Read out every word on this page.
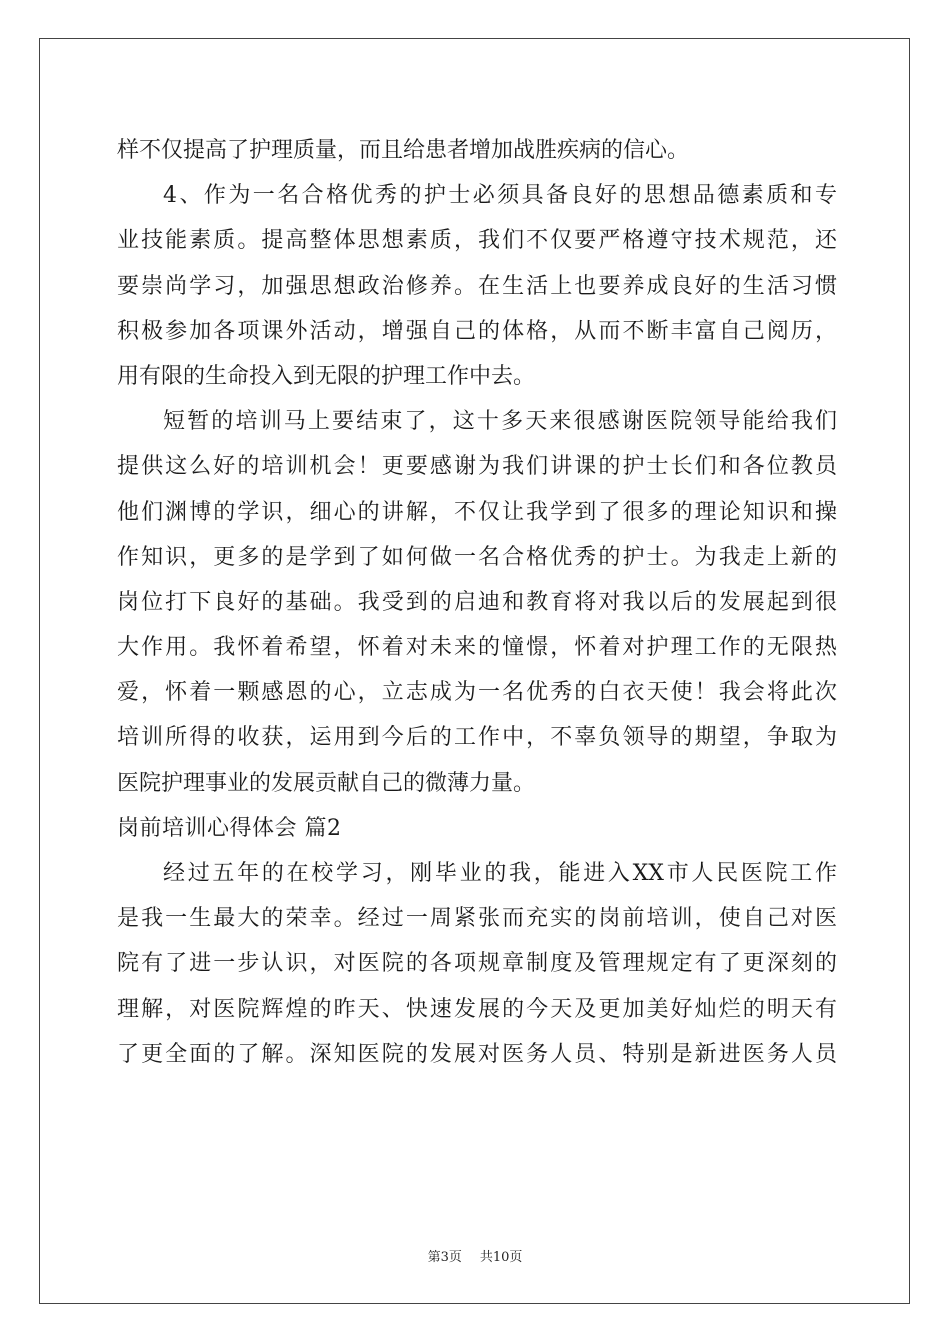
样不仅提高了护理质量，而且给患者增加战胜疾病的信心。
4、作为一名合格优秀的护士必须具备良好的思想品德素质和专
业技能素质。提高整体思想素质，我们不仅要严格遵守技术规范，还
要崇尚学习，加强思想政治修养。在生活上也要养成良好的生活习惯
积极参加各项课外活动，增强自己的体格，从而不断丰富自己阅历，
用有限的生命投入到无限的护理工作中去。
短暂的培训马上要结束了，这十多天来很感谢医院领导能给我们
提供这么好的培训机会！更要感谢为我们讲课的护士长们和各位教员
他们渊博的学识，细心的讲解，不仅让我学到了很多的理论知识和操
作知识，更多的是学到了如何做一名合格优秀的护士。为我走上新的
岗位打下良好的基础。我受到的启迪和教育将对我以后的发展起到很
大作用。我怀着希望，怀着对未来的憧憬，怀着对护理工作的无限热
爱，怀着一颗感恩的心，立志成为一名优秀的白衣天使！我会将此次
培训所得的收获，运用到今后的工作中，不辜负领导的期望，争取为
医院护理事业的发展贡献自己的微薄力量。
岗前培训心得体会 篇2
经过五年的在校学习，刚毕业的我，能进入XX市人民医院工作
是我一生最大的荣幸。经过一周紧张而充实的岗前培训，使自己对医
院有了进一步认识，对医院的各项规章制度及管理规定有了更深刻的
理解，对医院辉煌的昨天、快速发展的今天及更加美好灿烂的明天有
了更全面的了解。深知医院的发展对医务人员、特别是新进医务人员
第3页 共10页
